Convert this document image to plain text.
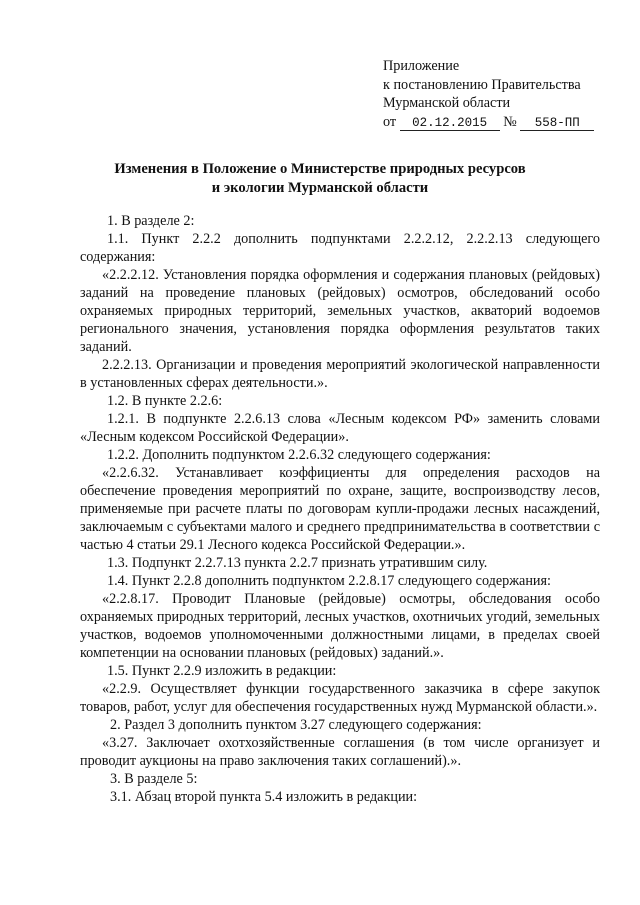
Приложение
к постановлению Правительства
Мурманской области
от 02.12.2015 № 558-ПП
Изменения в Положение о Министерстве природных ресурсов
и экологии Мурманской области

1. В разделе 2:

1.1. Пункт 2.2.2 дополнить подпунктами 2.2.2.12, 2.2.2.13 следующего содержания:

«2.2.2.12. Установления порядка оформления и содержания плановых (рейдовых) заданий на проведение плановых (рейдовых) осмотров, обследований особо охраняемых природных территорий, земельных участков, акваторий водоемов регионального значения, установления порядка оформления результатов таких заданий.

2.2.2.13. Организации и проведения мероприятий экологической направленности в установленных сферах деятельности.».

1.2. В пункте 2.2.6:

1.2.1. В подпункте 2.2.6.13 слова «Лесным кодексом РФ» заменить словами «Лесным кодексом Российской Федерации».

1.2.2. Дополнить подпунктом 2.2.6.32 следующего содержания:

«2.2.6.32. Устанавливает коэффициенты для определения расходов на обеспечение проведения мероприятий по охране, защите, воспроизводству лесов, применяемые при расчете платы по договорам купли-продажи лесных насаждений, заключаемым с субъектами малого и среднего предпринимательства в соответствии с частью 4 статьи 29.1 Лесного кодекса Российской Федерации.».

1.3. Подпункт 2.2.7.13 пункта 2.2.7 признать утратившим силу.

1.4. Пункт 2.2.8 дополнить подпунктом 2.2.8.17 следующего содержания:

«2.2.8.17. Проводит Плановые (рейдовые) осмотры, обследования особо охраняемых природных территорий, лесных участков, охотничьих угодий, земельных участков, водоемов уполномоченными должностными лицами, в пределах своей компетенции на основании плановых (рейдовых) заданий.».

1.5. Пункт 2.2.9 изложить в редакции:

«2.2.9. Осуществляет функции государственного заказчика в сфере закупок товаров, работ, услуг для обеспечения государственных нужд Мурманской области.».

2. Раздел 3 дополнить пунктом 3.27 следующего содержания:

«3.27. Заключает охотхозяйственные соглашения (в том числе организует и проводит аукционы на право заключения таких соглашений).».

3. В разделе 5:

3.1. Абзац второй пункта 5.4 изложить в редакции:
